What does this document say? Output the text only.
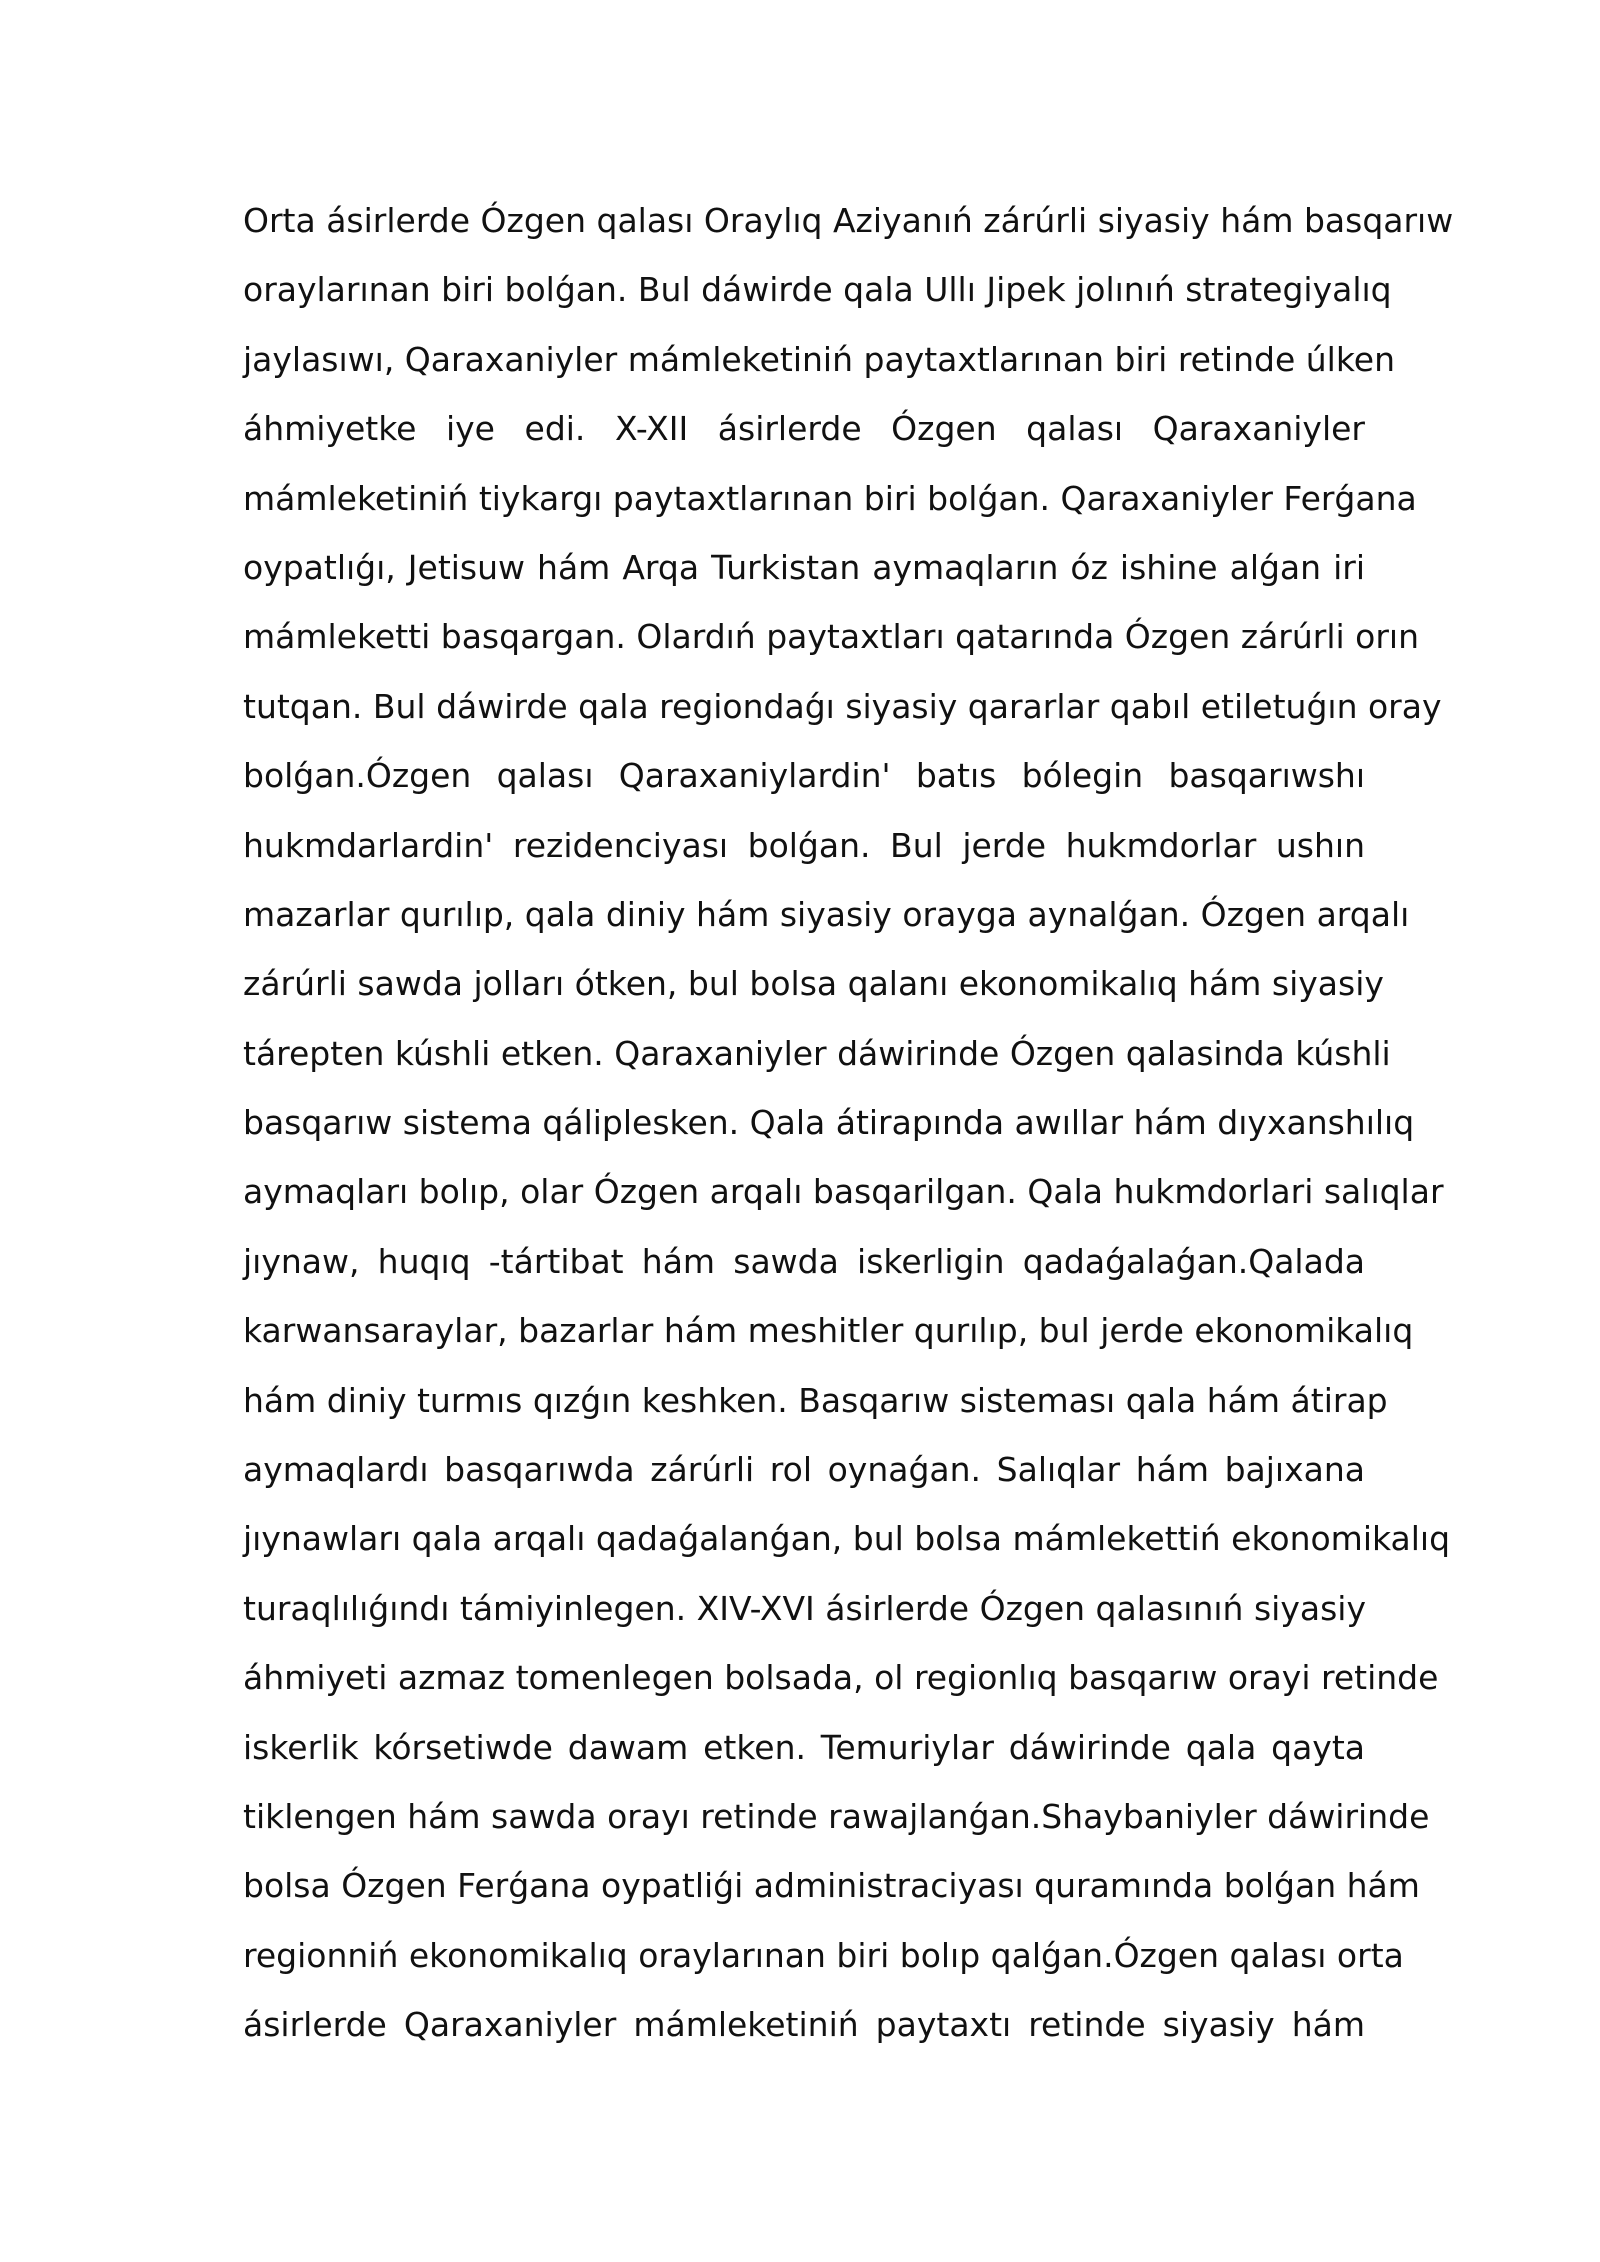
Orta ásirlerde Ózgen qalası Oraylıq Aziyanıń zárúrli siyasiy hám basqarıw
oraylarınan biri bolǵan. Bul dáwirde qala Ullı Jipek jolınıń strategiyalıq
jaylasıwı, Qaraxaniyler mámleketiniń paytaxtlarınan biri retinde úlken
áhmiyetke iye edi. X-XII ásirlerde Ózgen qalası Qaraxaniyler
mámleketiniń tiykargı paytaxtlarınan biri bolǵan. Qaraxaniyler Ferǵana
oypatlıǵı, Jetisuw hám Arqa Turkistan aymaqların óz ishine alǵan iri
mámleketti basqargan. Olardıń paytaxtları qatarında Ózgen zárúrli orın
tutqan. Bul dáwirde qala regiondaǵı siyasiy qararlar qabıl etiletuǵın oray
bolǵan.Ózgen qalası Qaraxaniylardin' batıs bólegin basqarıwshı
hukmdarlardin' rezidenciyası bolǵan. Bul jerde hukmdorlar ushın
mazarlar qurılıp, qala diniy hám siyasiy orayga aynalǵan. Ózgen arqalı
zárúrli sawda jolları ótken, bul bolsa qalanı ekonomikalıq hám siyasiy
tárepten kúshli etken. Qaraxaniyler dáwirinde Ózgen qalasinda kúshli
basqarıw sistema qáliplesken. Qala átirapında awıllar hám dıyxanshılıq
aymaqları bolıp, olar Ózgen arqalı basqarilgan. Qala hukmdorlari salıqlar
jıynaw, huqıq -tártibat hám sawda iskerligin qadaǵalaǵan.Qalada
karwansaraylar, bazarlar hám meshitler qurılıp, bul jerde ekonomikalıq
hám diniy turmıs qızǵın keshken. Basqarıw sisteması qala hám átirap
aymaqlardı basqarıwda zárúrli rol oynaǵan. Salıqlar hám bajıxana
jıynawları qala arqalı qadaǵalanǵan, bul bolsa mámlekettiń ekonomikalıq
turaqlılıǵındı támiyinlegen. XIV-XVI ásirlerde Ózgen qalasınıń siyasiy
áhmiyeti azmaz tomenlegen bolsada, ol regionlıq basqarıw orayi retinde
iskerlik kórsetiwde dawam etken. Temuriylar dáwirinde qala qayta
tiklengen hám sawda orayı retinde rawajlanǵan.Shaybaniyler dáwirinde
bolsa Ózgen Ferǵana oypatliǵi administraciyası quramında bolǵan hám
regionniń ekonomikalıq oraylarınan biri bolıp qalǵan.Ózgen qalası orta
ásirlerde Qaraxaniyler mámleketiniń paytaxtı retinde siyasiy hám
